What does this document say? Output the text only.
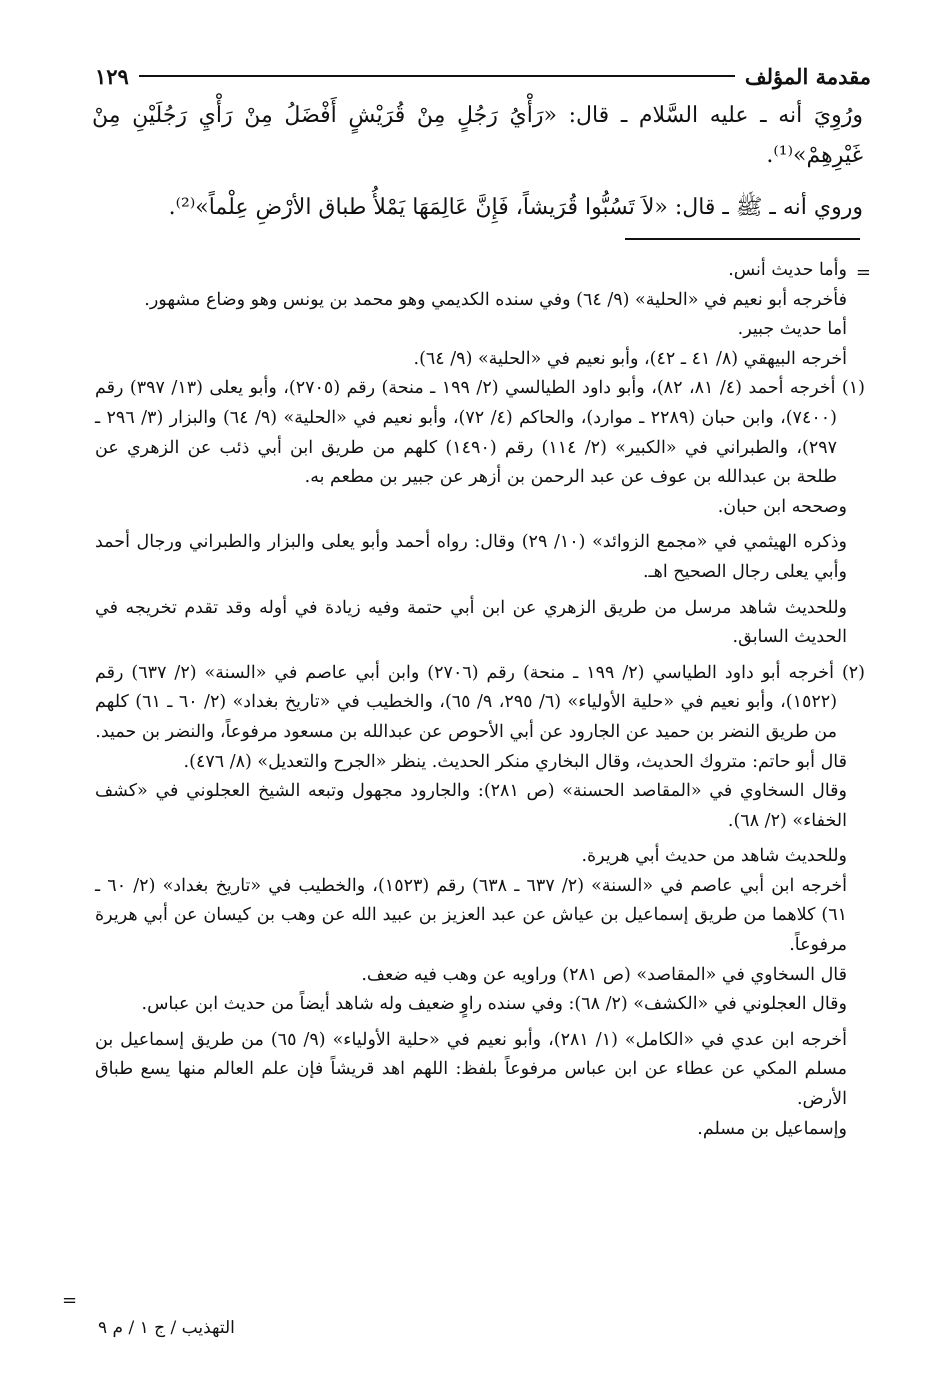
مقدمة المؤلف
١٢٩

ورُوِيَ أنه ـ عليه السَّلام ـ قال: «رَأْيُ رَجُلٍ مِنْ قُرَيْشٍ أَفْضَلُ مِنْ رَأْيِ رَجُلَيْنِ مِنْ غَيْرِهِمْ»⁽¹⁾.

وروي أنه ـ ﷺ ـ قال: «لاَ تَسُبُّوا قُرَيشاً، فَإِنَّ عَالِمَهَا يَمْلأُ طباق الأرْضِ عِلْماً»⁽²⁾.

=

وأما حديث أنس.

فأخرجه أبو نعيم في «الحلية» (٩/ ٦٤) وفي سنده الكديمي وهو محمد بن يونس وهو وضاع مشهور.

أما حديث جبير.

أخرجه البيهقي (٨/ ٤١ ـ ٤٢)، وأبو نعيم في «الحلية» (٩/ ٦٤).

(١) أخرجه أحمد (٤/ ٨١، ٨٢)، وأبو داود الطيالسي (٢/ ١٩٩ ـ منحة) رقم (٢٧٠٥)، وأبو يعلى (١٣/ ٣٩٧) رقم (٧٤٠٠)، وابن حبان (٢٢٨٩ ـ موارد)، والحاكم (٤/ ٧٢)، وأبو نعيم في «الحلية» (٩/ ٦٤) والبزار (٣/ ٢٩٦ ـ ٢٩٧)، والطبراني في «الكبير» (٢/ ١١٤) رقم (١٤٩٠) كلهم من طريق ابن أبي ذئب عن الزهري عن طلحة بن عبدالله بن عوف عن عبد الرحمن بن أزهر عن جبير بن مطعم به.

وصححه ابن حبان.

وذكره الهيثمي في «مجمع الزوائد» (١٠/ ٢٩) وقال: رواه أحمد وأبو يعلى والبزار والطبراني ورجال أحمد وأبي يعلى رجال الصحيح اهـ.

وللحديث شاهد مرسل من طريق الزهري عن ابن أبي حتمة وفيه زيادة في أوله وقد تقدم تخريجه في الحديث السابق.

(٢) أخرجه أبو داود الطياسي (٢/ ١٩٩ ـ منحة) رقم (٢٧٠٦) وابن أبي عاصم في «السنة» (٢/ ٦٣٧) رقم (١٥٢٢)، وأبو نعيم في «حلية الأولياء» (٦/ ٢٩٥، ٩/ ٦٥)، والخطيب في «تاريخ بغداد» (٢/ ٦٠ ـ ٦١) كلهم من طريق النضر بن حميد عن الجارود عن أبي الأحوص عن عبدالله بن مسعود مرفوعاً، والنضر بن حميد.

قال أبو حاتم: متروك الحديث، وقال البخاري منكر الحديث. ينظر «الجرح والتعديل» (٨/ ٤٧٦).

وقال السخاوي في «المقاصد الحسنة» (ص ٢٨١): والجارود مجهول وتبعه الشيخ العجلوني في «كشف الخفاء» (٢/ ٦٨).

وللحديث شاهد من حديث أبي هريرة.

أخرجه ابن أبي عاصم في «السنة» (٢/ ٦٣٧ ـ ٦٣٨) رقم (١٥٢٣)، والخطيب في «تاريخ بغداد» (٢/ ٦٠ ـ ٦١) كلاهما من طريق إسماعيل بن عياش عن عبد العزيز بن عبيد الله عن وهب بن كيسان عن أبي هريرة مرفوعاً.

قال السخاوي في «المقاصد» (ص ٢٨١) وراويه عن وهب فيه ضعف.

وقال العجلوني في «الكشف» (٢/ ٦٨): وفي سنده راوٍ ضعيف وله شاهد أيضاً من حديث ابن عباس.

أخرجه ابن عدي في «الكامل» (١/ ٢٨١)، وأبو نعيم في «حلية الأولياء» (٩/ ٦٥) من طريق إسماعيل بن مسلم المكي عن عطاء عن ابن عباس مرفوعاً بلفظ: اللهم اهد قريشاً فإن علم العالم منها يسع طباق الأرض.

وإسماعيل بن مسلم.

=
التهذيب / ج ١ / م ٩
